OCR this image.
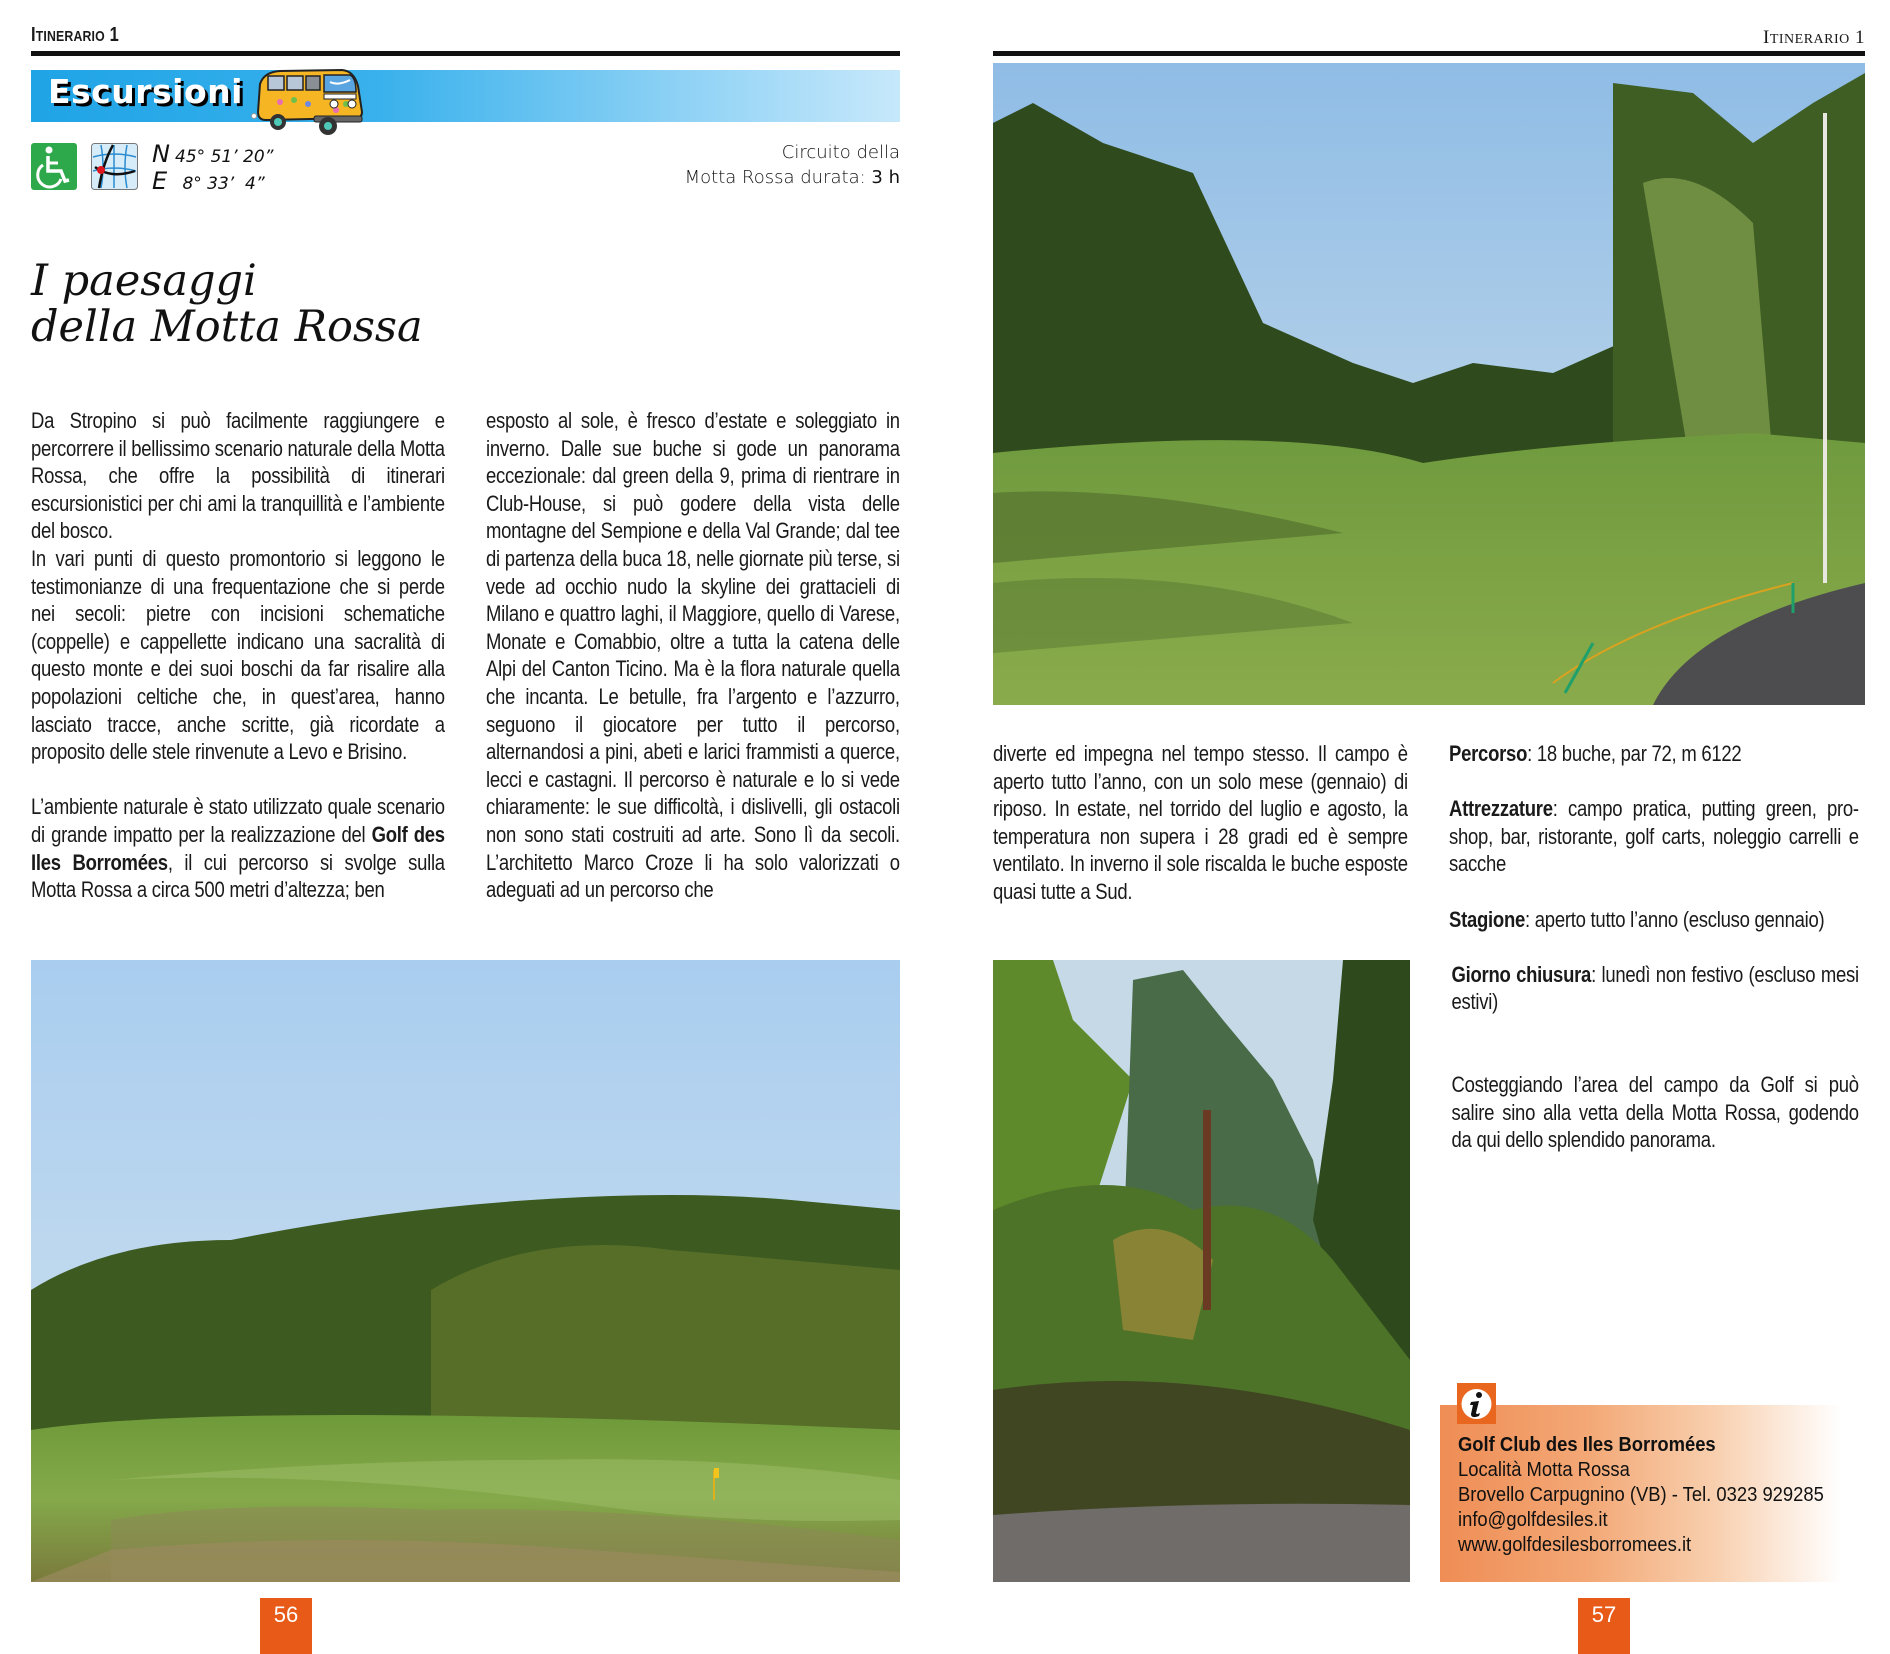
ITINERARIO 1
Escursioni
N 45° 51’ 20”
E 8° 33’  4”
Circuito della
Motta Rossa durata: 3 h
I paesaggi
della Motta Rossa

Da Stropino si può facilmente raggiungere e percorrere il bellissimo scenario naturale della Motta Rossa, che offre la possibilità di itinerari escursionistici per chi ami la tranquillità e l’ambiente del bosco.

In vari punti di questo promontorio si leggono le testimonianze di una frequentazione che si perde nei secoli: pietre con incisioni schematiche (coppelle) e cappellette indicano una sacralità di questo monte e dei suoi boschi da far risalire alla popolazioni celtiche che, in quest’area, hanno lasciato tracce, anche scritte, già ricordate a proposito delle stele rinvenute a Levo e Brisino.

L’ambiente naturale è stato utilizzato quale scenario di grande impatto per la realizzazione del Golf des Iles Borromées, il cui percorso si svolge sulla Motta Rossa a circa 500 metri d’altezza; ben

esposto al sole, è fresco d’estate e soleggiato in inverno. Dalle sue buche si gode un panorama eccezionale: dal green della 9, prima di rientrare in Club-House, si può godere della vista delle montagne del Sempione e della Val Grande; dal tee di partenza della buca 18, nelle giornate più terse, si vede ad occhio nudo la skyline dei grattacieli di Milano e quattro laghi, il Maggiore, quello di Varese, Monate e Comabbio, oltre a tutta la catena delle Alpi del Canton Ticino. Ma è la flora naturale quella che incanta. Le betulle, fra l’argento e l’azzurro, seguono il giocatore per tutto il percorso, alternandosi a pini, abeti e larici frammisti a querce, lecci e castagni. Il percorso è naturale e lo si vede chiaramente: le sue difficoltà, i dislivelli, gli ostacoli non sono stati costruiti ad arte. Sono lì da secoli. L’architetto Marco Croze li ha solo valorizzati o adeguati ad un percorso che

56
ITINERARIO 1

diverte ed impegna nel tempo stesso. Il campo è aperto tutto l’anno, con un solo mese (gennaio) di riposo. In estate, nel torrido del luglio e agosto, la temperatura non supera i 28 gradi ed è sempre ventilato. In inverno il sole riscalda le buche esposte quasi tutte a Sud.

Percorso: 18 buche, par 72, m 6122

Attrezzature: campo pratica, putting green, pro-shop, bar, ristorante, golf carts, noleggio carrelli e sacche

Stagione: aperto tutto l’anno (escluso gennaio)

Giorno chiusura: lunedì non festivo (escluso mesi estivi)

Costeggiando l’area del campo da Golf si può salire sino alla vetta della Motta Rossa, godendo da qui dello splendido panorama.

Golf Club des Iles Borromées
Località Motta Rossa
Brovello Carpugnino (VB) - Tel. 0323 929285
info@golfdesiles.it
www.golfdesilesborromees.it
57
